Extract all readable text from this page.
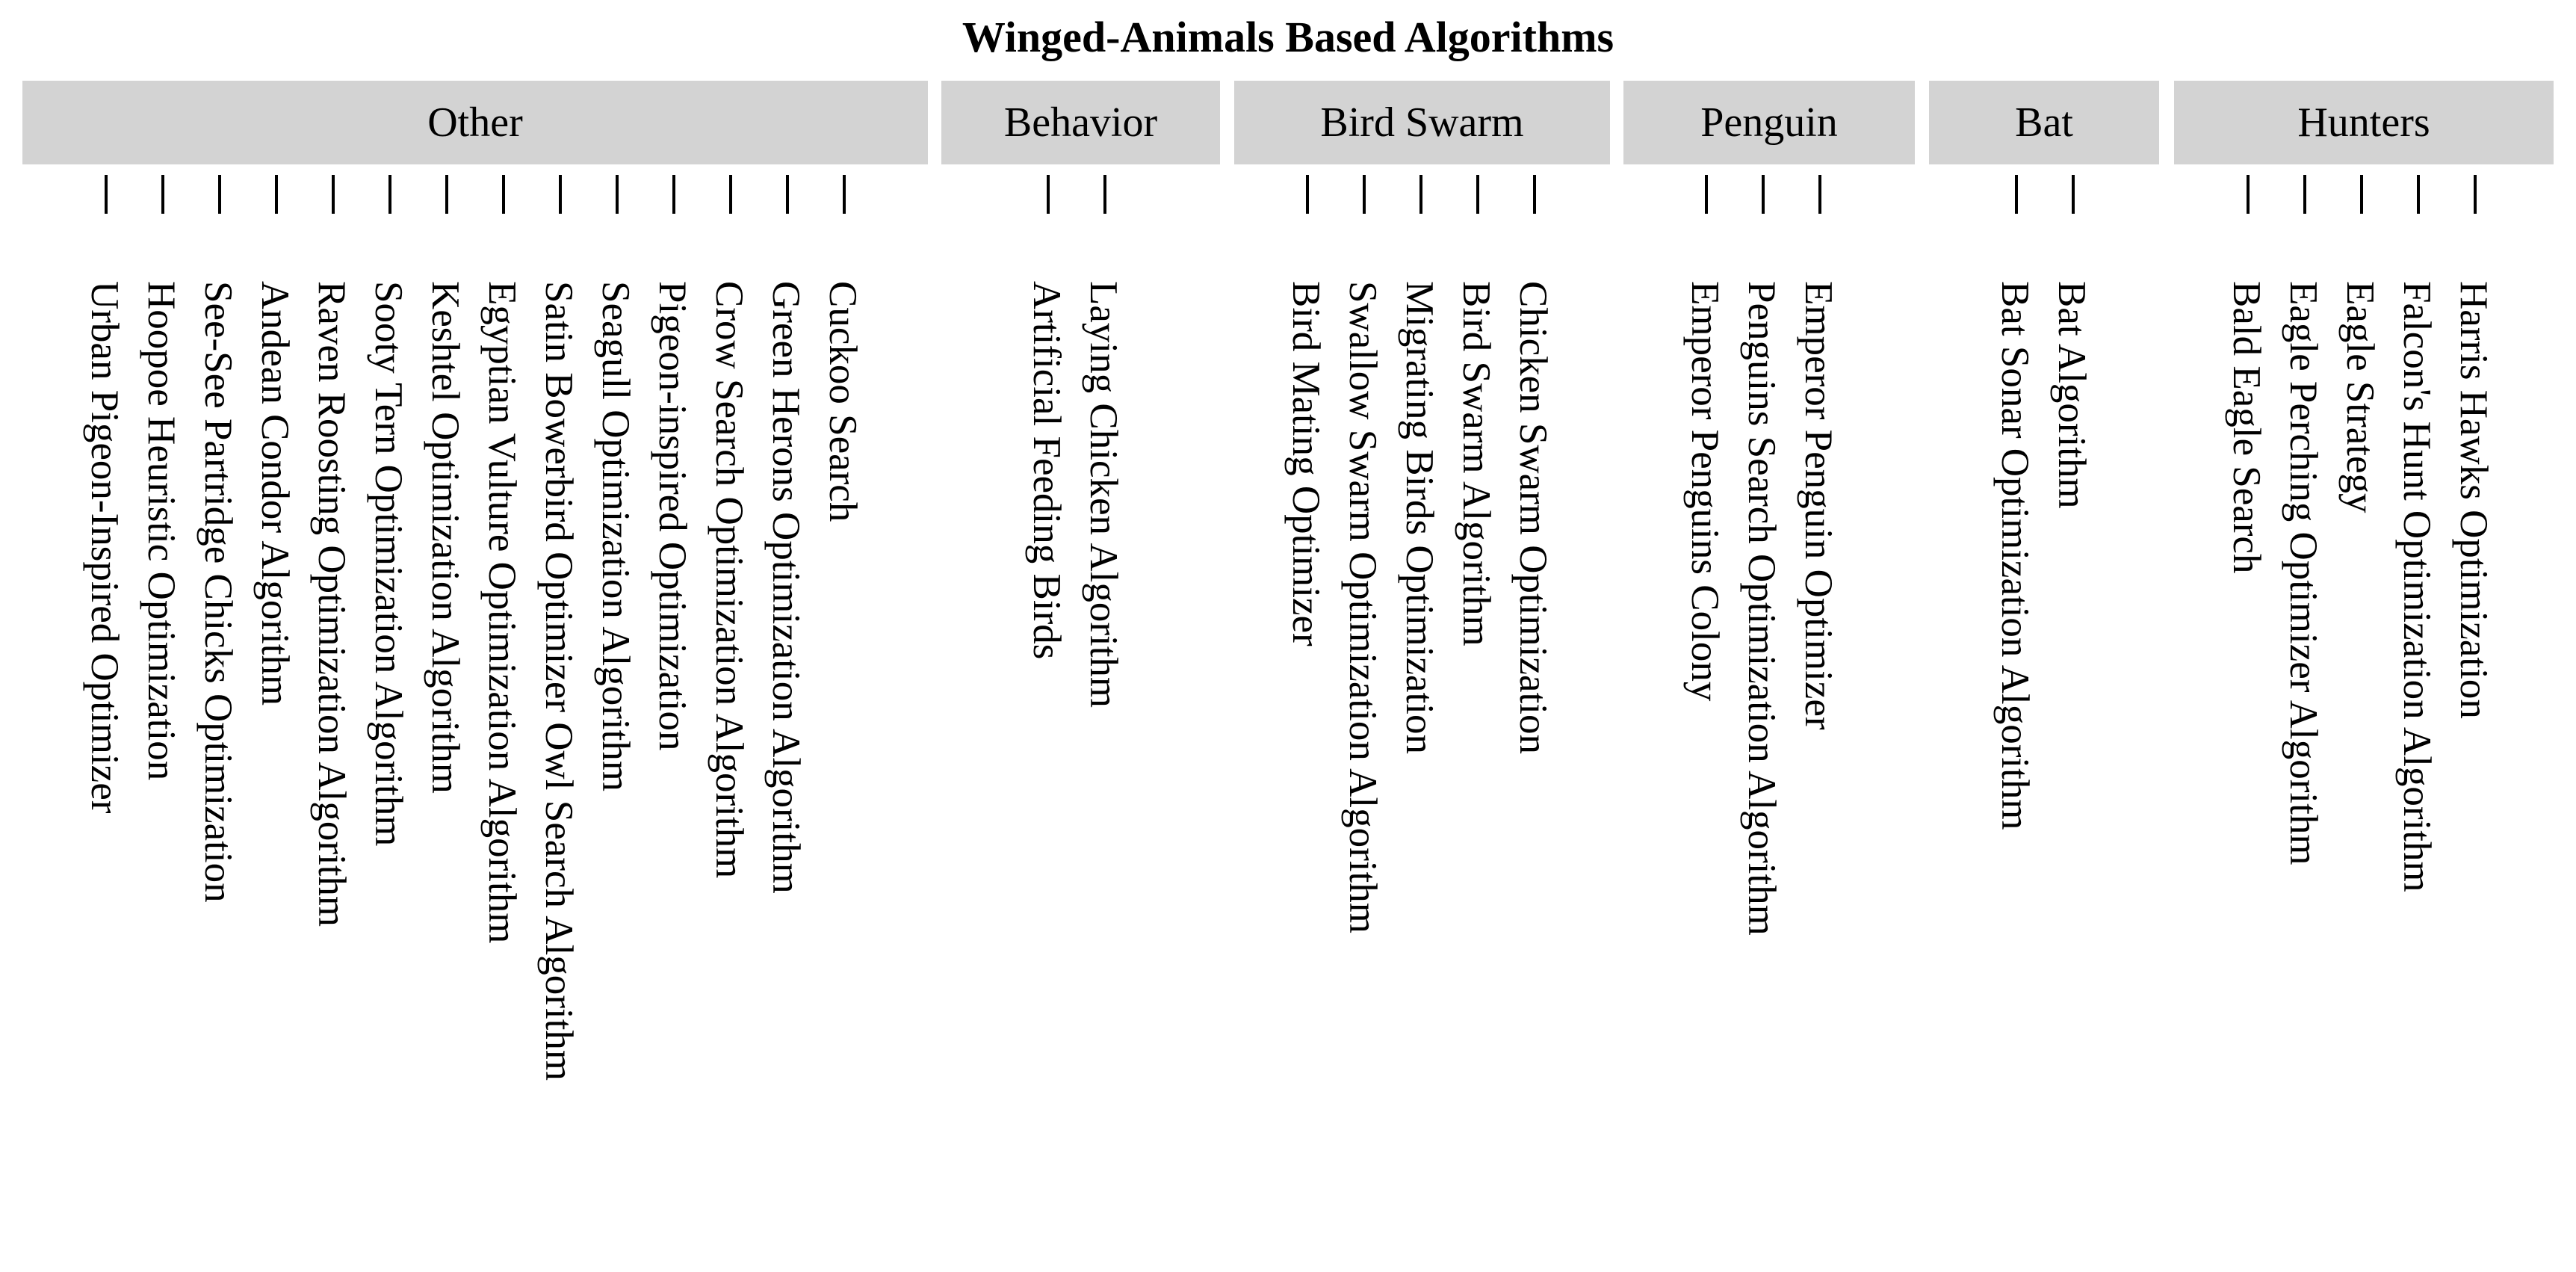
Winged-Animals Based Algorithms
Other
Urban Pigeon-Inspired Optimizer Hoopoe Heuristic Optimization See-See Partridge Chicks Optimization Andean Condor Algorithm Raven Roosting Optimization Algorithm Sooty Tern Optimization Algorithm Keshtel Optimization Algorithm Egyptian Vulture Optimization Algorithm Satin Bowerbird Optimizer Owl Search Algorithm Seagull Optimization Algorithm Pigeon-inspired Optimization Crow Search Optimization Algorithm Green Herons Optimization Algorithm Cuckoo Search
Behavior
Artificial Feeding Birds Laying Chicken Algorithm
Bird Swarm
Bird Mating Optimizer Swallow Swarm Optimization Algorithm Migrating Birds Optimization Bird Swarm Algorithm Chicken Swarm Optimization
Penguin
Emperor Penguins Colony Penguins Search Optimization Algorithm Emperor Penguin Optimizer
Bat
Bat Sonar Optimization Algorithm Bat Algorithm
Hunters
Bald Eagle Search Eagle Perching Optimizer Algorithm Eagle Strategy Falcon's Hunt Optimization Algorithm Harris Hawks Optimization
